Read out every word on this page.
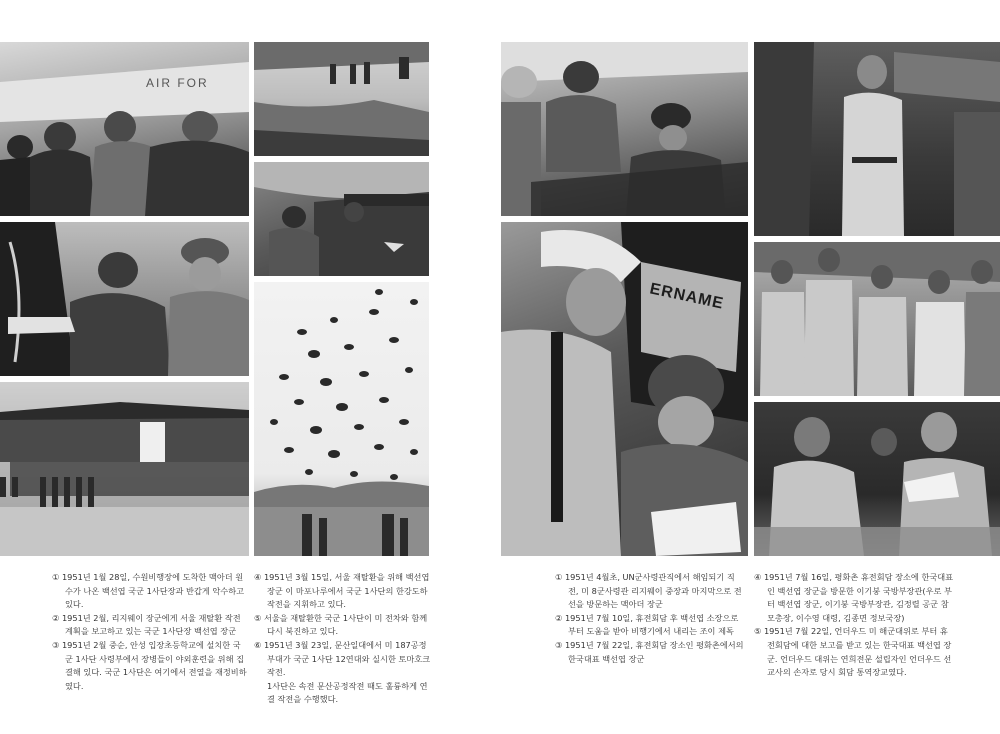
AIR FOR
ERNAME

① 1951년 1월 28일, 수원비행장에 도착한 맥아더 원수가 나온 백선엽 국군 1사단장과 반갑게 악수하고 있다.

② 1951년 2월, 리지웨이 장군에게 서울 재탈환 작전 계획을 보고하고 있는 국군 1사단장 백선엽 장군

③ 1951년 2월 중순, 안성 입장초등학교에 설치한 국군 1사단 사령부에서 장병들이 야외훈련을 위해 집결해 있다. 국군 1사단은 여기에서 전열을 재정비하였다.

④ 1951년 3월 15일, 서울 재탈환을 위해 백선엽 장군 이 마포나루에서 국군 1사단의 한강도하 작전을 지휘하고 있다.

⑤ 서울을 재탈환한 국군 1사단이 미 전차와 함께 다시 북진하고 있다.

⑥ 1951년 3월 23일, 문산일대에서 미 187공정부대가 국군 1사단 12연대와 실시한 토마호크 작전.

1사단은 속전 문산공정작전 때도 훌륭하게 연결 작전을 수행했다.

① 1951년 4월초, UN군사령관직에서 해임되기 직전, 미 8군사령관 리지웨이 중장과 마지막으로 전선을 방문하는 맥아더 장군

② 1951년 7월 10일, 휴전회담 후 백선엽 소장으로 부터 도움을 받아 비행기에서 내리는 조이 제독

③ 1951년 7월 22일, 휴전회담 장소인 평화촌에서의 한국대표 백선엽 장군

④ 1951년 7월 16일, 평화촌 휴전회담 장소에 한국대표인 백선엽 장군을 방문한 이기붕 국방부장관(우로 부터 백선엽 장군, 이기붕 국방부장관, 김정렬 공군 참모총장, 이수영 대령, 김종면 정보국장)

⑤ 1951년 7월 22일, 언더우드 미 해군대위로 부터 휴전회담에 대한 보고를 받고 있는 한국대표 백선엽 장군. 언더우드 대위는 연희전문 설립자인 언더우드 선교사의 손자로 당시 회담 통역장교였다.
